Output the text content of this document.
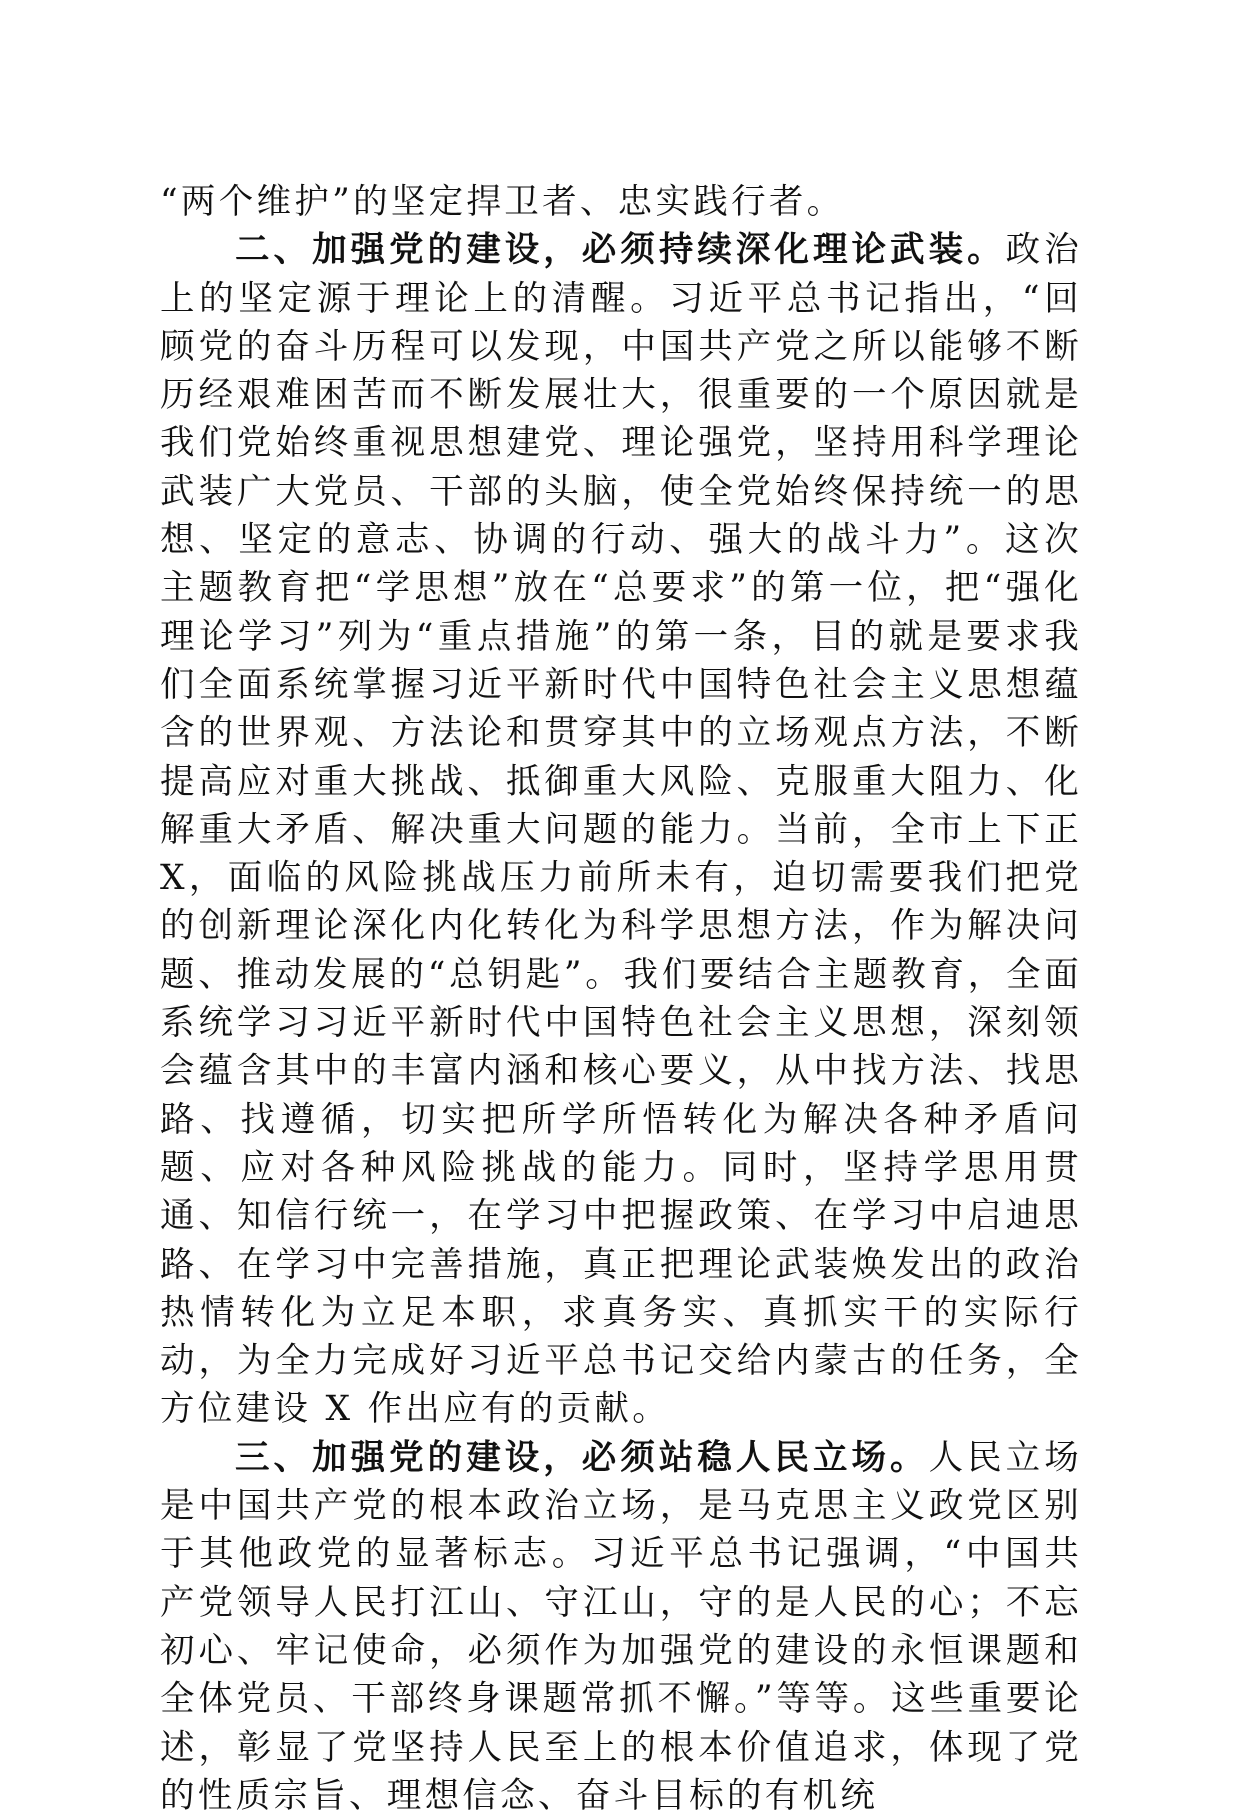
“两个维护”的坚定捍卫者、忠实践行者。

二、加强党的建设，必须持续深化理论武装。政治上的坚定源于理论上的清醒。习近平总书记指出，“回顾党的奋斗历程可以发现，中国共产党之所以能够不断历经艰难困苦而不断发展壮大，很重要的一个原因就是我们党始终重视思想建党、理论强党，坚持用科学理论武装广大党员、干部的头脑，使全党始终保持统一的思想、坚定的意志、协调的行动、强大的战斗力”。这次主题教育把“学思想”放在“总要求”的第一位，把“强化理论学习”列为“重点措施”的第一条，目的就是要求我们全面系统掌握习近平新时代中国特色社会主义思想蕴含的世界观、方法论和贯穿其中的立场观点方法，不断提高应对重大挑战、抵御重大风险、克服重大阻力、化解重大矛盾、解决重大问题的能力。当前，全市上下正 X，面临的风险挑战压力前所未有，迫切需要我们把党的创新理论深化内化转化为科学思想方法，作为解决问题、推动发展的“总钥匙”。我们要结合主题教育，全面系统学习习近平新时代中国特色社会主义思想，深刻领会蕴含其中的丰富内涵和核心要义，从中找方法、找思路、找遵循，切实把所学所悟转化为解决各种矛盾问题、应对各种风险挑战的能力。同时，坚持学思用贯通、知信行统一，在学习中把握政策、在学习中启迪思路、在学习中完善措施，真正把理论武装焕发出的政治热情转化为立足本职，求真务实、真抓实干的实际行动，为全力完成好习近平总书记交给内蒙古的任务，全方位建设 X 作出应有的贡献。

三、加强党的建设，必须站稳人民立场。人民立场是中国共产党的根本政治立场，是马克思主义政党区别于其他政党的显著标志。习近平总书记强调，“中国共产党领导人民打江山、守江山，守的是人民的心；不忘初心、牢记使命，必须作为加强党的建设的永恒课题和全体党员、干部终身课题常抓不懈。”等等。这些重要论述，彰显了党坚持人民至上的根本价值追求，体现了党的性质宗旨、理想信念、奋斗目标的有机统
